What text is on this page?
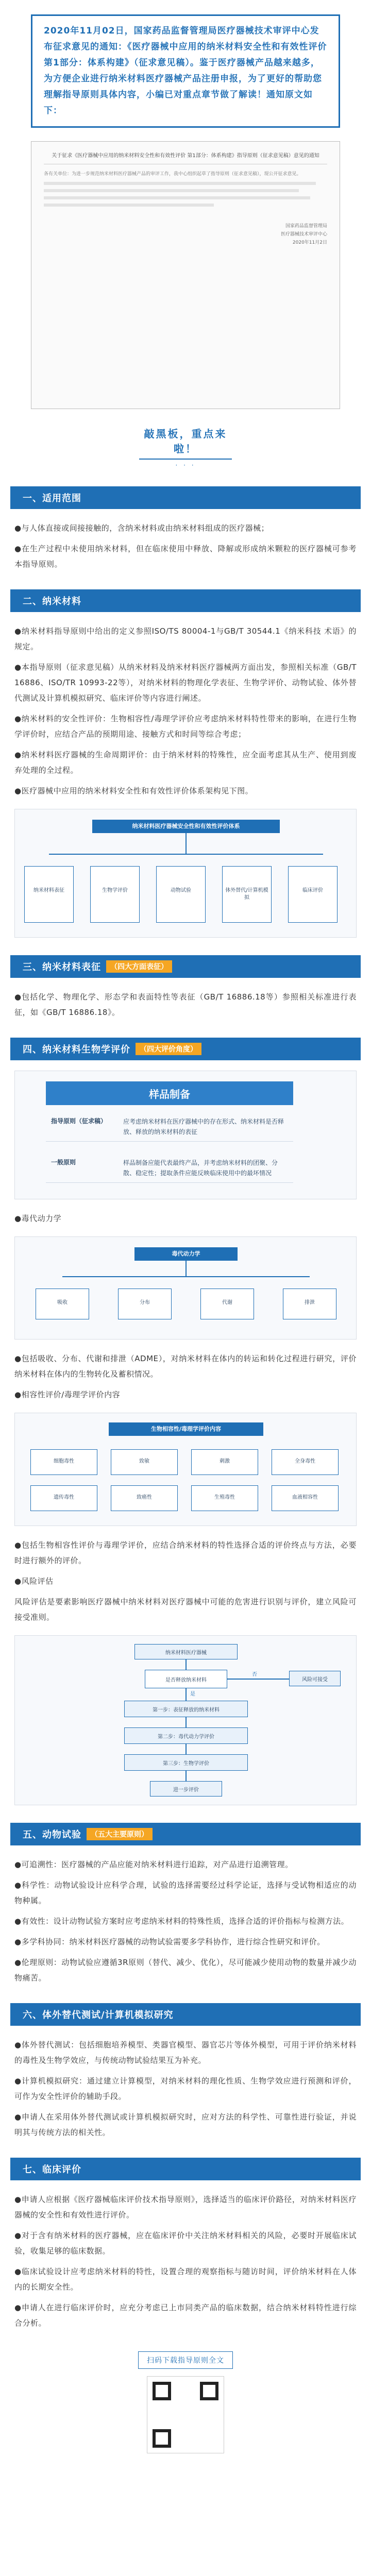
2020年11月02日，国家药品监督管理局医疗器械技术审评中心发布征求意见的通知：《医疗器械中应用的纳米材料安全性和有效性评价 第1部分：体系构建》（征求意见稿）。鉴于医疗器械产品越来越多，为方便企业进行纳米材料医疗器械产品注册申报，为了更好的帮助您理解指导原则具体内容，小编已对重点章节做了解读！通知原文如下：

关于征求《医疗器械中应用的纳米材料安全性和有效性评价 第1部分：体系构建》指导原则（征求意见稿）意见的通知

各有关单位：为进一步规范纳米材料医疗器械产品的审评工作，我中心组织起草了指导原则（征求意见稿），现公开征求意见。

国家药品监督管理局
医疗器械技术审评中心
2020年11月2日
敲黑板，重点来啦！
· · ·
一、适用范围

●与人体直接或间接接触的，含纳米材料或由纳米材料组成的医疗器械；

●在生产过程中未使用纳米材料，但在临床使用中释放、降解或形成纳米颗粒的医疗器械可参考本指导原则。

二、纳米材料

●纳米材料指导原则中给出的定义参照ISO/TS 80004-1与GB/T 30544.1《纳米科技 术语》的规定。

●本指导原则（征求意见稿）从纳米材料及纳米材料医疗器械两方面出发，参照相关标准（GB/T 16886、ISO/TR 10993-22等），对纳米材料的物理化学表征、生物学评价、动物试验、体外替代测试及计算机模拟研究、临床评价等内容进行阐述。

●纳米材料的安全性评价：生物相容性/毒理学评价应考虑纳米材料特性带来的影响，在进行生物学评价时，应结合产品的预期用途、接触方式和时间等综合考虑；

●纳米材料医疗器械的生命周期评价：由于纳米材料的特殊性，应全面考虑其从生产、使用到废弃处理的全过程。

●医疗器械中应用的纳米材料安全性和有效性评价体系架构见下图。

纳米材料医疗器械安全性和有效性评价体系
纳米材料表征	生物学评价	动物试验	体外替代/计算机模拟
临床评价
三、纳米材料表征	（四大方面表征）

●包括化学、物理化学、形态学和表面特性等表征（GB/T 16886.18等）参照相关标准进行表征，如《GB/T 16886.18》。

四、纳米材料生物学评价	（四大评价角度）
样品制备
指导原则（征求稿）	应考虑纳米材料在医疗器械中的存在形式、纳米材料是否释放、释放的纳米材料的表征
一般原则	样品制备应能代表最终产品，并考虑纳米材料的团聚、分散、稳定性；提取条件应能反映临床使用中的最坏情况

●毒代动力学

毒代动力学
吸收	分布	代谢	排泄

●包括吸收、分布、代谢和排泄（ADME），对纳米材料在体内的转运和转化过程进行研究，评价纳米材料在体内的生物转化及蓄积情况。

●相容性评价/毒理学评价内容

生物相容性/毒理学评价内容
细胞毒性	致敏	刺激	全身毒性
遗传毒性	致癌性	生殖毒性	血液相容性

●包括生物相容性评价与毒理学评价，应结合纳米材料的特性选择合适的评价终点与方法，必要时进行额外的评价。

●风险评估

风险评估是要素影响医疗器械中纳米材料对医疗器械中可能的危害进行识别与评价，建立风险可接受准则。

纳米材料医疗器械
是否释放纳米材料
是
否
风险可接受
第一步：表征释放的纳米材料
第二步：毒代动力学评价
第三步：生物学评价
进一步评价
五、动物试验	（五大主要原则）

●可追溯性：医疗器械的产品应能对纳米材料进行追踪，对产品进行追溯管理。

●科学性：动物试验设计应科学合理，试验的选择需要经过科学论证，选择与受试物相适应的动物种属。

●有效性：设计动物试验方案时应考虑纳米材料的特殊性质，选择合适的评价指标与检测方法。

●多学科协同：纳米材料医疗器械的动物试验需要多学科协作，进行综合性研究和评价。

●伦理原则：动物试验应遵循3R原则（替代、减少、优化），尽可能减少使用动物的数量并减少动物痛苦。

六、体外替代测试/计算机模拟研究

●体外替代测试：包括细胞培养模型、类器官模型、器官芯片等体外模型，可用于评价纳米材料的毒性及生物学效应，与传统动物试验结果互为补充。

●计算机模拟研究：通过建立计算模型，对纳米材料的理化性质、生物学效应进行预测和评价，可作为安全性评价的辅助手段。

●申请人在采用体外替代测试或计算机模拟研究时，应对方法的科学性、可靠性进行验证，并说明其与传统方法的相关性。

七、临床评价

●申请人应根据《医疗器械临床评价技术指导原则》，选择适当的临床评价路径，对纳米材料医疗器械的安全性和有效性进行评价。

●对于含有纳米材料的医疗器械，应在临床评价中关注纳米材料相关的风险，必要时开展临床试验，收集足够的临床数据。

●临床试验设计应考虑纳米材料的特性，设置合理的观察指标与随访时间，评价纳米材料在人体内的长期安全性。

●申请人在进行临床评价时，应充分考虑已上市同类产品的临床数据，结合纳米材料特性进行综合分析。

扫码下载指导原则全文
